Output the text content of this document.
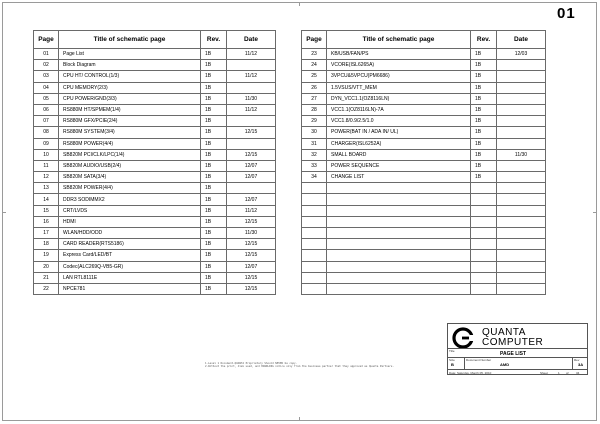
01
Page	Title of schematic page	Rev.	Date
01	Page List	1B	11/12
02	Block Diagram	1B	
03	CPU HT/ CONTROL(1/3)	1B	11/12
04	CPU MEMORY(2/3)	1B	
05	CPU POWER/GND(3/3)	1B	11/30
06	RS880M HT/SPMEM(1/4)	1B	11/12
07	RS880M GFX/PCIE(2/4)	1B	
08	RS880M SYSTEM(3/4)	1B	12/15
09	RS880M POWER(4/4)	1B	
10	SB820M PCI/CLK/LPC(1/4)	1B	12/15
11	SB820M AUDIO/USB(2/4)	1B	12/07
12	SB820M SATA(3/4)	1B	12/07
13	SB820M POWER(4/4)	1B	
14	DDR3 SODIMMX2	1B	12/07
15	CRT/LVDS	1B	11/12
16	HDMI	1B	12/15
17	WLAN/HDD/ODD	1B	11/30
18	CARD READER(RTS5186)	1B	12/15
19	Express Card/LED/BT	1B	12/15
20	Codec(ALC269Q-VB5-GR)	1B	12/07
21	LAN RTL8111E	1B	12/15
22	NPCE781	1B	12/15
Page	Title of schematic page	Rev.	Date
23	KB/USB/FAN/PS	1B	12/03
24	VCORE(ISL6265A)	1B	
25	3VPCU&5VPCU(PM6686)	1B	
26	1.5VSUS/VTT_MEM	1B	
27	DYN_VCC1.1(OZ8116LN)	1B	
28	VCC1.1(OZ8116LN)-7A	1B	
29	VCC1.8/0.9/2.5/1.0	1B	
30	POWER(BAT IN / ADA IN/ UL)	1B	
31	CHARGER(ISL6252A)	1B	
32	SMALL BOARD	1B	11/30
33	POWER SEQUENCE	1B	
34	CHANGE LIST	1B	

1.Level 1 Document-QUANTA Proprietary Should NEVER be copy.
2.Without the print, disk used, and HANDLING notice only from the business partner that they approved as Quanta Partners.
QUANTA
COMPUTER
Title	PAGE LIST
Size
B
Document Number
AMD
Rev
3A
Date: Saturday, March 05, 2010	Sheet	1 of 34
